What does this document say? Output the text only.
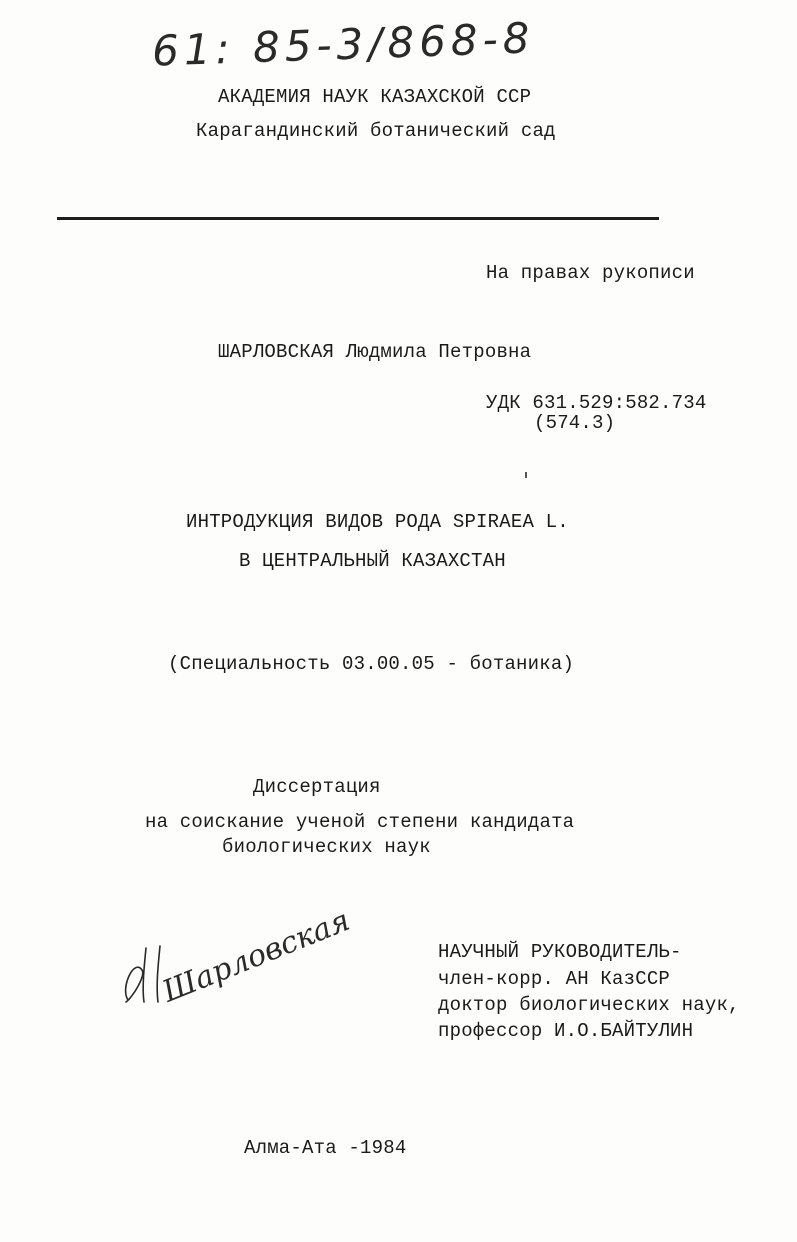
61: 85-3/868-8
АКАДЕМИЯ НАУК КАЗАХСКОЙ ССР
Карагандинский ботанический сад
На правах рукописи
ШАРЛОВСКАЯ Людмила Петровна
УДК 631.529:582.734
(574.3)
ИНТРОДУКЦИЯ ВИДОВ РОДА SPIRAEA L.
В ЦЕНТРАЛЬНЫЙ КАЗАХСТАН
(Специальность 03.00.05 - ботаника)
Диссертация
на соискание ученой степени кандидата
биологических наук
Шарловская	НАУЧНЫЙ РУКОВОДИТЕЛЬ-
член-корр. АН КазССР
доктор биологических наук,
профессор И.О.БАЙТУЛИН
Алма-Ата -1984
